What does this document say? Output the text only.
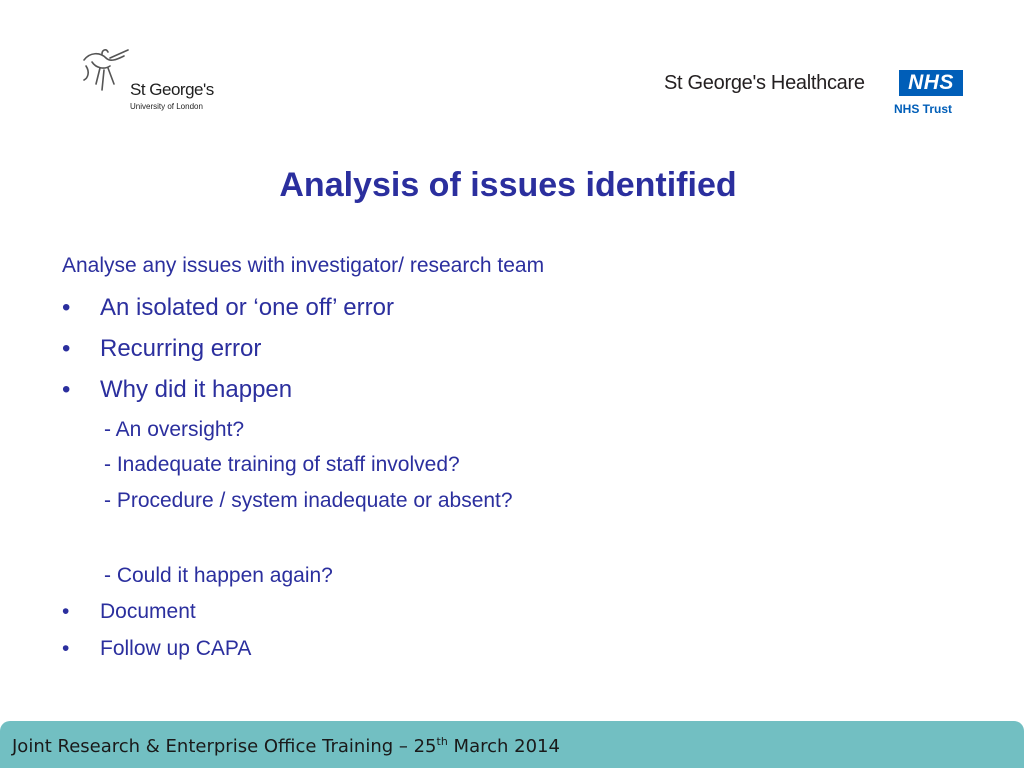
St George's
University of London
St George's Healthcare	NHS
NHS Trust
Analysis of issues identified
Analyse any issues with investigator/ research team
• An isolated or ‘one off’ error
• Recurring error
• Why did it happen
- An oversight?
- Inadequate training of staff involved?
- Procedure / system inadequate or absent?
- Could it happen again?
• Document
• Follow up CAPA
Joint Research & Enterprise Office Training – 25th March 2014
